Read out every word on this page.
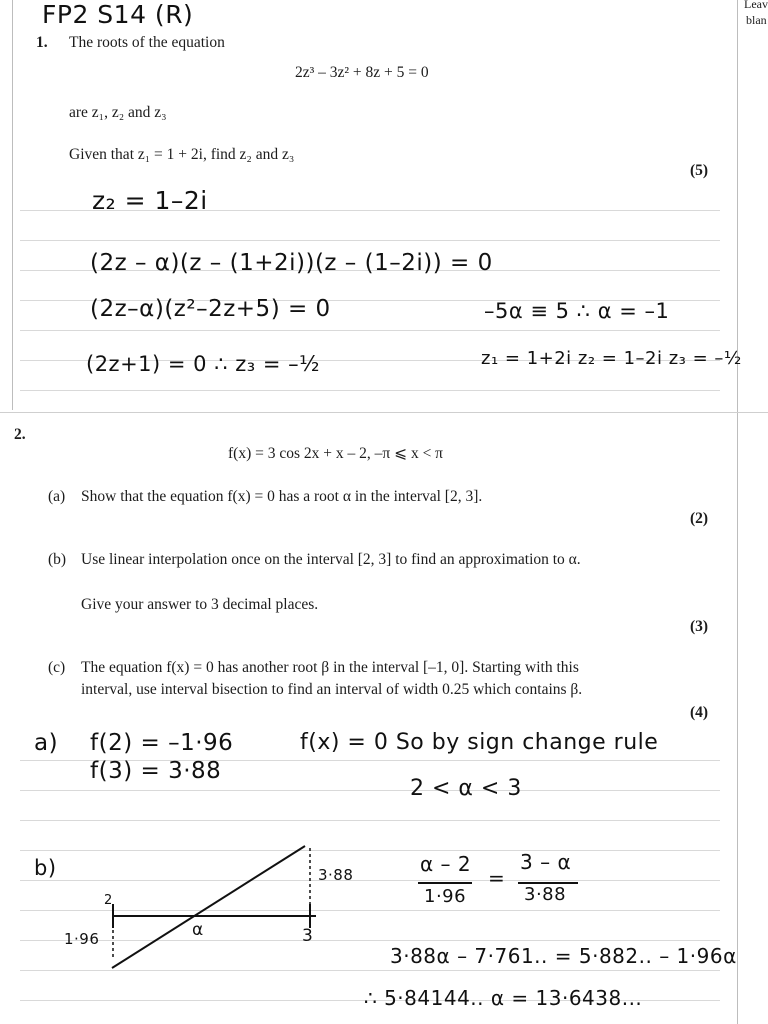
FP2 S14 (R)	Leav
blan
1. The roots of the equation
2z³ – 3z² + 8z + 5 = 0
are z₁, z₂ and z₃
Given that z₁ = 1 + 2i, find z₂ and z₃
(5)
z₂ = 1–2i
(2z – α)(z – (1+2i))(z – (1–2i)) = 0
(2z–α)(z²–2z+5) = 0	–5α ≡ 5 ∴ α = –1
(2z+1) = 0 ∴ z₃ = –½	z₁ = 1+2i z₂ = 1–2i z₃ = –½
2.
f(x) = 3 cos 2x + x – 2, –π ⩽ x < π
(a) Show that the equation f(x) = 0 has a root α in the interval [2, 3].
(2)
(b) Use linear interpolation once on the interval [2, 3] to find an approximation to α.
Give your answer to 3 decimal places.
(3)
(c) The equation f(x) = 0 has another root β in the interval [–1, 0]. Starting with this
interval, use interval bisection to find an interval of width 0.25 which contains β.
(4)
a) f(2) = –1·96
f(3) = 3·88
f(x) = 0 So by sign change rule
2 < α < 3
b)
2
1·96	α	3
3·88	α – 2
1·96
=
3 – α
3·88
3·88α – 7·761.. = 5·882.. – 1·96α
∴ 5·84144.. α = 13·6438...
